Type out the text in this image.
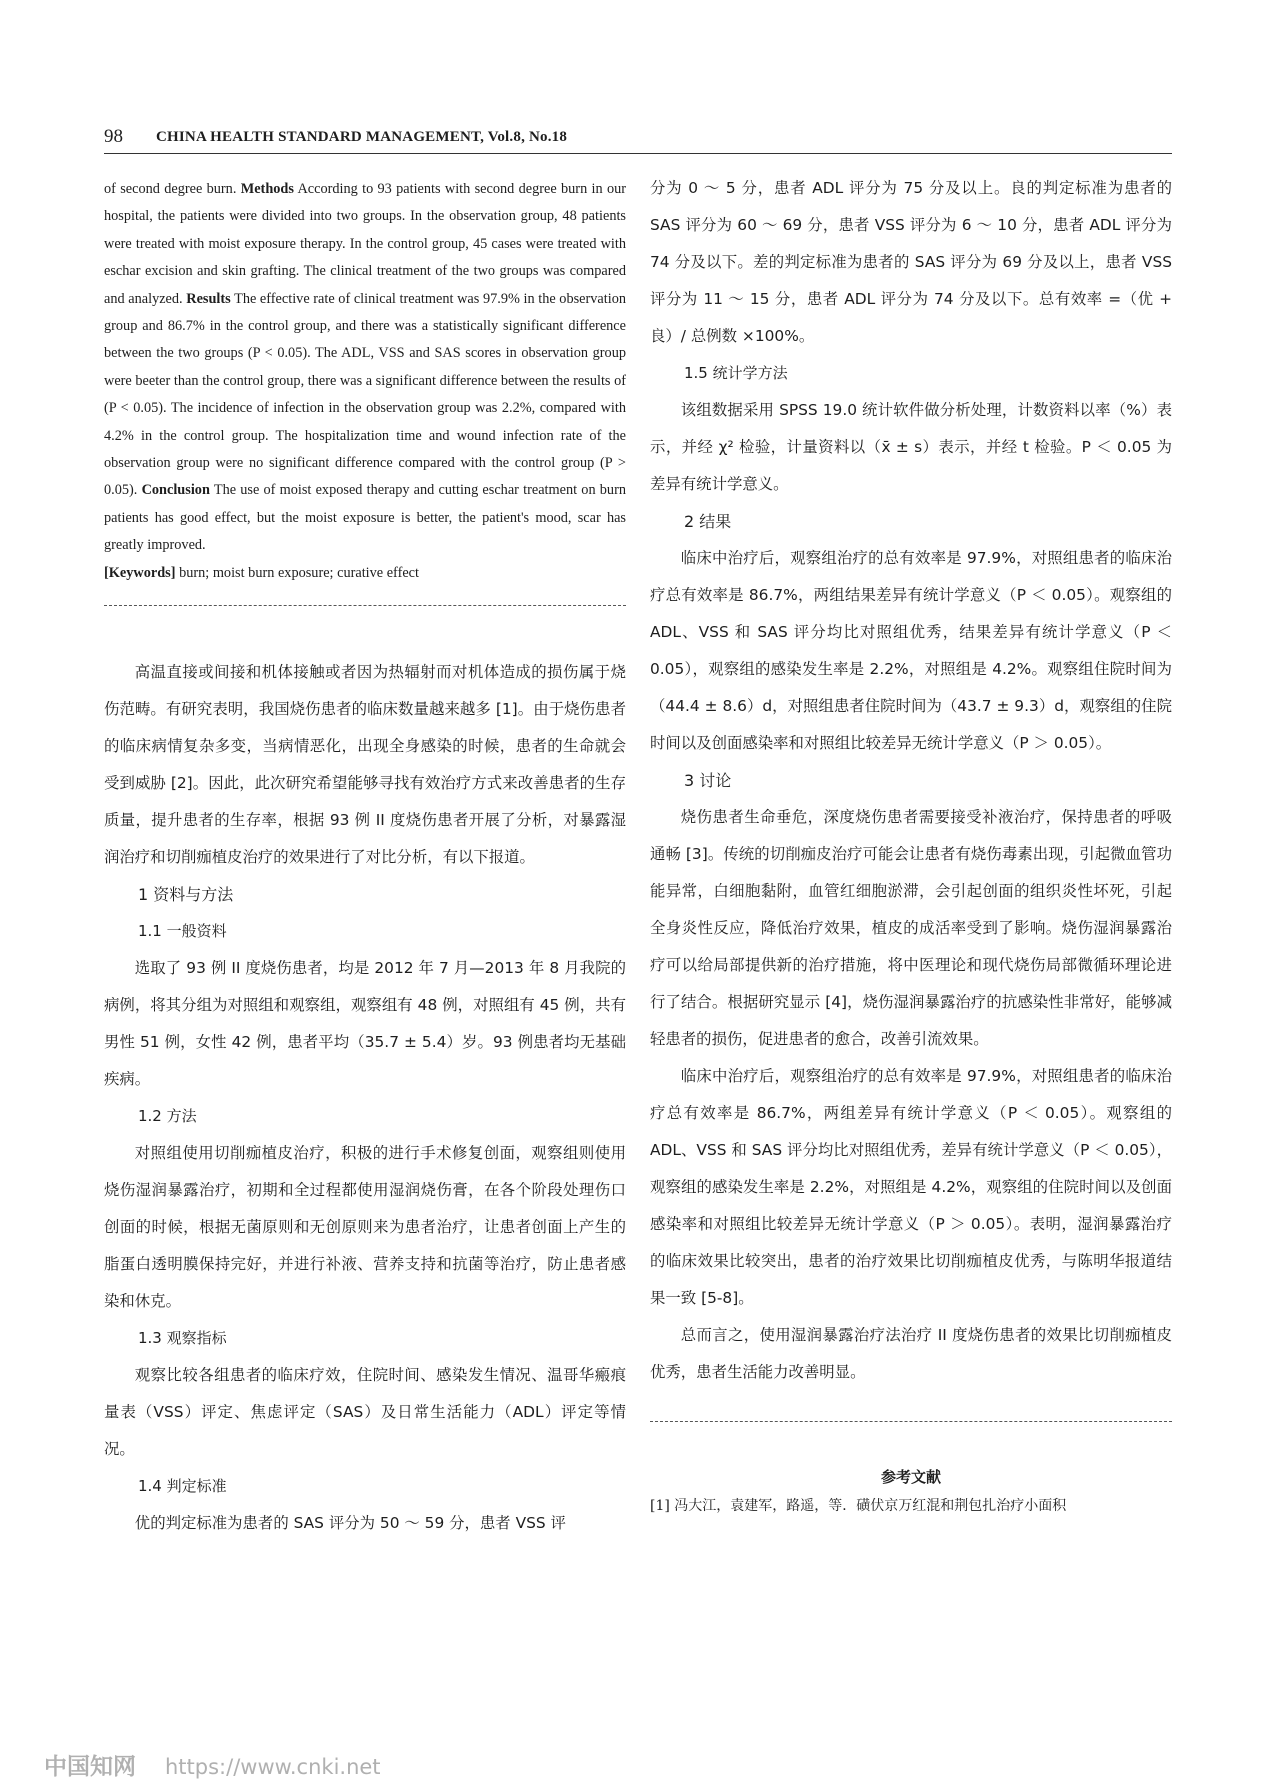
98 CHINA HEALTH STANDARD MANAGEMENT, Vol.8, No.18

of second degree burn. Methods According to 93 patients with second degree burn in our hospital, the patients were divided into two groups. In the observation group, 48 patients were treated with moist exposure therapy. In the control group, 45 cases were treated with eschar excision and skin grafting. The clinical treatment of the two groups was compared and analyzed. Results The effective rate of clinical treatment was 97.9% in the observation group and 86.7% in the control group, and there was a statistically significant difference between the two groups (P < 0.05). The ADL, VSS and SAS scores in observation group were beeter than the control group, there was a significant difference between the results of (P < 0.05). The incidence of infection in the observation group was 2.2%, compared with 4.2% in the control group. The hospitalization time and wound infection rate of the observation group were no significant difference compared with the control group (P > 0.05). Conclusion The use of moist exposed therapy and cutting eschar treatment on burn patients has good effect, but the moist exposure is better, the patient's mood, scar has greatly improved.

[Keywords] burn; moist burn exposure; curative effect

高温直接或间接和机体接触或者因为热辐射而对机体造成的损伤属于烧伤范畴。有研究表明，我国烧伤患者的临床数量越来越多 [1]。由于烧伤患者的临床病情复杂多变，当病情恶化，出现全身感染的时候，患者的生命就会受到威胁 [2]。因此，此次研究希望能够寻找有效治疗方式来改善患者的生存质量，提升患者的生存率，根据 93 例 II 度烧伤患者开展了分析，对暴露湿润治疗和切削痂植皮治疗的效果进行了对比分析，有以下报道。

1 资料与方法

1.1 一般资料

选取了 93 例 II 度烧伤患者，均是 2012 年 7 月—2013 年 8 月我院的病例，将其分组为对照组和观察组，观察组有 48 例，对照组有 45 例，共有男性 51 例，女性 42 例，患者平均（35.7 ± 5.4）岁。93 例患者均无基础疾病。

1.2 方法

对照组使用切削痂植皮治疗，积极的进行手术修复创面，观察组则使用烧伤湿润暴露治疗，初期和全过程都使用湿润烧伤膏，在各个阶段处理伤口创面的时候，根据无菌原则和无创原则来为患者治疗，让患者创面上产生的脂蛋白透明膜保持完好，并进行补液、营养支持和抗菌等治疗，防止患者感染和休克。

1.3 观察指标

观察比较各组患者的临床疗效，住院时间、感染发生情况、温哥华瘢痕量表（VSS）评定、焦虑评定（SAS）及日常生活能力（ADL）评定等情况。

1.4 判定标准

优的判定标准为患者的 SAS 评分为 50 ～ 59 分，患者 VSS 评

分为 0 ～ 5 分，患者 ADL 评分为 75 分及以上。良的判定标准为患者的 SAS 评分为 60 ～ 69 分，患者 VSS 评分为 6 ～ 10 分，患者 ADL 评分为 74 分及以下。差的判定标准为患者的 SAS 评分为 69 分及以上，患者 VSS 评分为 11 ～ 15 分，患者 ADL 评分为 74 分及以下。总有效率 =（优 + 良）/ 总例数 ×100%。

1.5 统计学方法

该组数据采用 SPSS 19.0 统计软件做分析处理，计数资料以率（%）表示，并经 χ² 检验，计量资料以（x̄ ± s）表示，并经 t 检验。P ＜ 0.05 为差异有统计学意义。

2 结果

临床中治疗后，观察组治疗的总有效率是 97.9%，对照组患者的临床治疗总有效率是 86.7%，两组结果差异有统计学意义（P ＜ 0.05）。观察组的 ADL、VSS 和 SAS 评分均比对照组优秀，结果差异有统计学意义（P ＜ 0.05），观察组的感染发生率是 2.2%，对照组是 4.2%。观察组住院时间为（44.4 ± 8.6）d，对照组患者住院时间为（43.7 ± 9.3）d，观察组的住院时间以及创面感染率和对照组比较差异无统计学意义（P ＞ 0.05）。

3 讨论

烧伤患者生命垂危，深度烧伤患者需要接受补液治疗，保持患者的呼吸通畅 [3]。传统的切削痂皮治疗可能会让患者有烧伤毒素出现，引起微血管功能异常，白细胞黏附，血管红细胞淤滞，会引起创面的组织炎性坏死，引起全身炎性反应，降低治疗效果，植皮的成活率受到了影响。烧伤湿润暴露治疗可以给局部提供新的治疗措施，将中医理论和现代烧伤局部微循环理论进行了结合。根据研究显示 [4]，烧伤湿润暴露治疗的抗感染性非常好，能够减轻患者的损伤，促进患者的愈合，改善引流效果。

临床中治疗后，观察组治疗的总有效率是 97.9%，对照组患者的临床治疗总有效率是 86.7%，两组差异有统计学意义（P ＜ 0.05）。观察组的 ADL、VSS 和 SAS 评分均比对照组优秀，差异有统计学意义（P ＜ 0.05），观察组的感染发生率是 2.2%，对照组是 4.2%，观察组的住院时间以及创面感染率和对照组比较差异无统计学意义（P ＞ 0.05）。表明，湿润暴露治疗的临床效果比较突出，患者的治疗效果比切削痂植皮优秀，与陈明华报道结果一致 [5-8]。

总而言之，使用湿润暴露治疗法治疗 II 度烧伤患者的效果比切削痂植皮优秀，患者生活能力改善明显。

参考文献

[1] 冯大江，袁建军，路遥，等．磺伏京万红混和荆包扎治疗小面积

中国知网 https://www.cnki.net
